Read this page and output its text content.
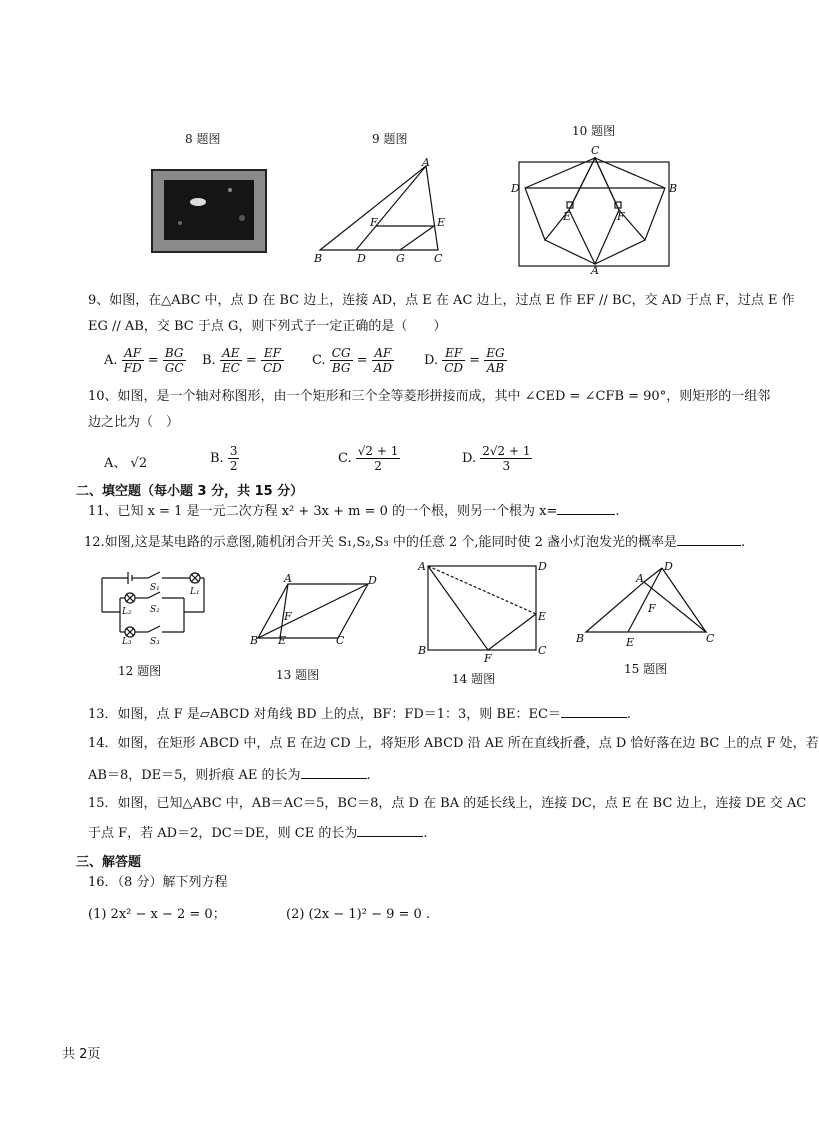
8 题图	9 题图
10 题图
A
B	D	G	C
F	E
C
D	B
E	F
A
9、如图，在△ABC 中，点 D 在 BC 边上，连接 AD，点 E 在 AC 边上，过点 E 作 EF // BC，交 AD 于点 F，过点 E 作
EG // AB，交 BC 于点 G，则下列式子一定正确的是（　　）
A. $\frac{AF}{FD} = \frac{BG}{GC} B$. $\frac{AE}{EC} = \frac{EF}{CD} C$. $\frac{CG}{BG} = \frac{AF}{AD} D$. $\frac{EF}{CD} = \frac{EG}{AB}$
10、如图，是一个轴对称图形，由一个矩形和三个全等菱形拼接而成，其中 ∠CED = ∠CFB = 90°，则矩形的一组邻
边之比为（　）
A、 √2	B. $\frac{3}{2}$	C. $\frac{√2 + 1}{2}$	D. $\frac{2√2 + 1}{3}$
二、填空题（每小题 3 分，共 15 分）
11、已知 x = 1 是一元二次方程 x² + 3x + m = 0 的一个根，则另一个根为 x=	.
12.如图,这是某电路的示意图,随机闭合开关 S₁,S₂,S₃ 中的任意 2 个,能同时使 2 盏小灯泡发光的概率是	.
S₁	L₁
L₂ S₂
L₃ S₃
A	D
B E	C
F
A	D
B
F
C
E
A
D
B	E	C
F
12 题图	13 题图	14 题图
15 题图
13．如图，点 F 是▱ABCD 对角线 BD 上的点，BF：FD＝1：3，则 BE：EC＝	.
14．如图，在矩形 ABCD 中，点 E 在边 CD 上，将矩形 ABCD 沿 AE 所在直线折叠，点 D 恰好落在边 BC 上的点 F 处，若
AB＝8，DE＝5，则折痕 AE 的长为	.
15．如图，已知△ABC 中，AB＝AC＝5，BC＝8，点 D 在 BA 的延长线上，连接 DC，点 E 在 BC 边上，连接 DE 交 AC
于点 F，若 AD＝2，DC＝DE，则 CE 的长为	.
三、解答题
16．（8 分）解下列方程
(1) 2x² − x − 2 = 0；	(2) (2x − 1)² − 9 = 0 .
共 2页
